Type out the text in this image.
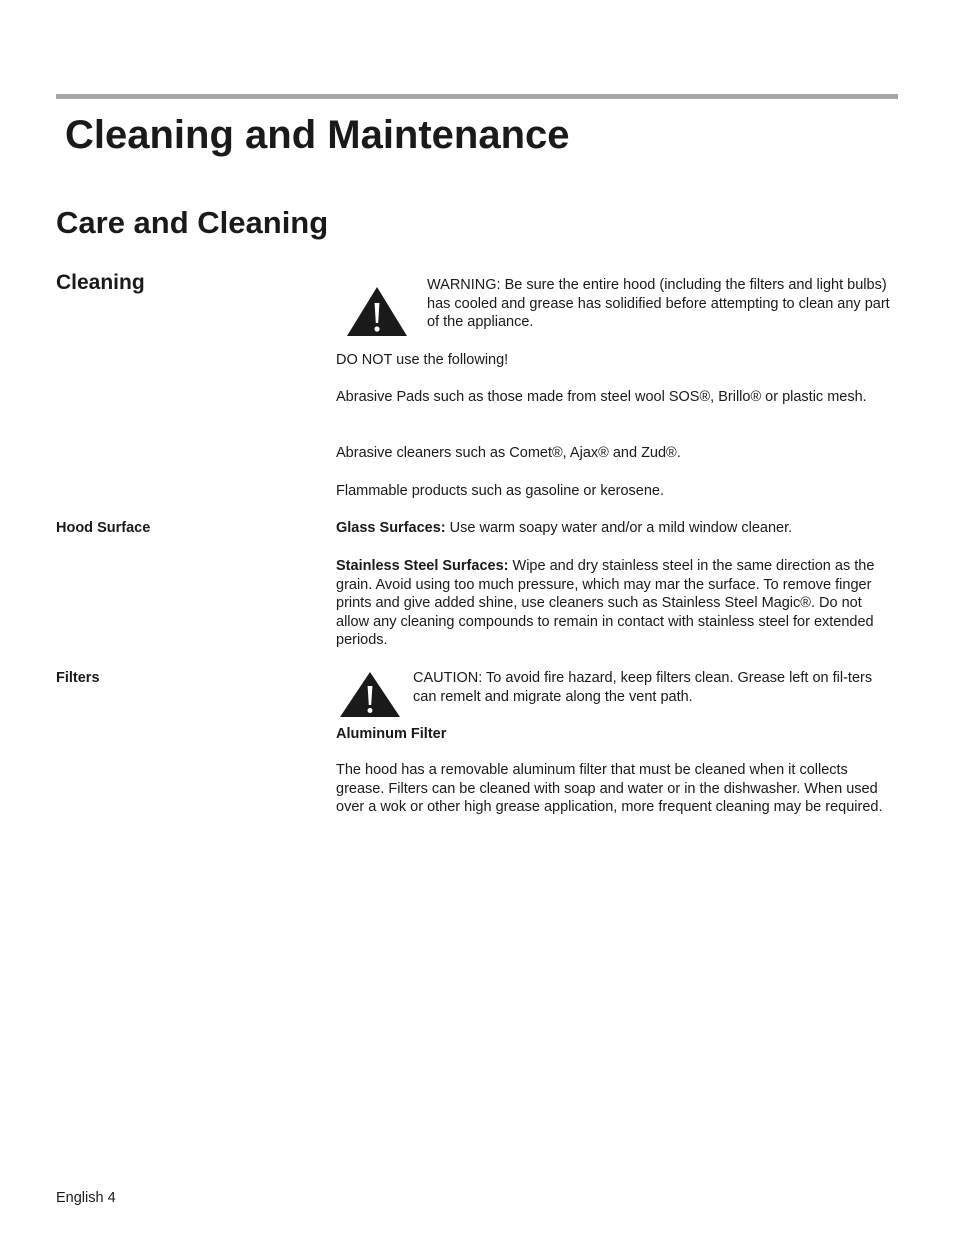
Cleaning and Maintenance
Care and Cleaning
Cleaning	WARNING: Be sure the entire hood (including the filters and light bulbs) has cooled and grease has solidified before attempting to clean any part of the appliance.

DO NOT use the following!

Abrasive Pads such as those made from steel wool SOS®, Brillo® or plastic mesh.

Abrasive cleaners such as Comet®, Ajax® and Zud®.

Flammable products such as gasoline or kerosene.

Hood Surface	Glass Surfaces: Use warm soapy water and/or a mild window cleaner.

Stainless Steel Surfaces: Wipe and dry stainless steel in the same direction as the grain. Avoid using too much pressure, which may mar the surface. To remove finger prints and give added shine, use cleaners such as Stainless Steel Magic®. Do not allow any cleaning compounds to remain in contact with stainless steel for extended periods.

Filters	CAUTION: To avoid fire hazard, keep filters clean. Grease left on fil-ters can remelt and migrate along the vent path.

Aluminum Filter

The hood has a removable aluminum filter that must be cleaned when it collects grease. Filters can be cleaned with soap and water or in the dishwasher. When used over a wok or other high grease application, more frequent cleaning may be required.

English 4
